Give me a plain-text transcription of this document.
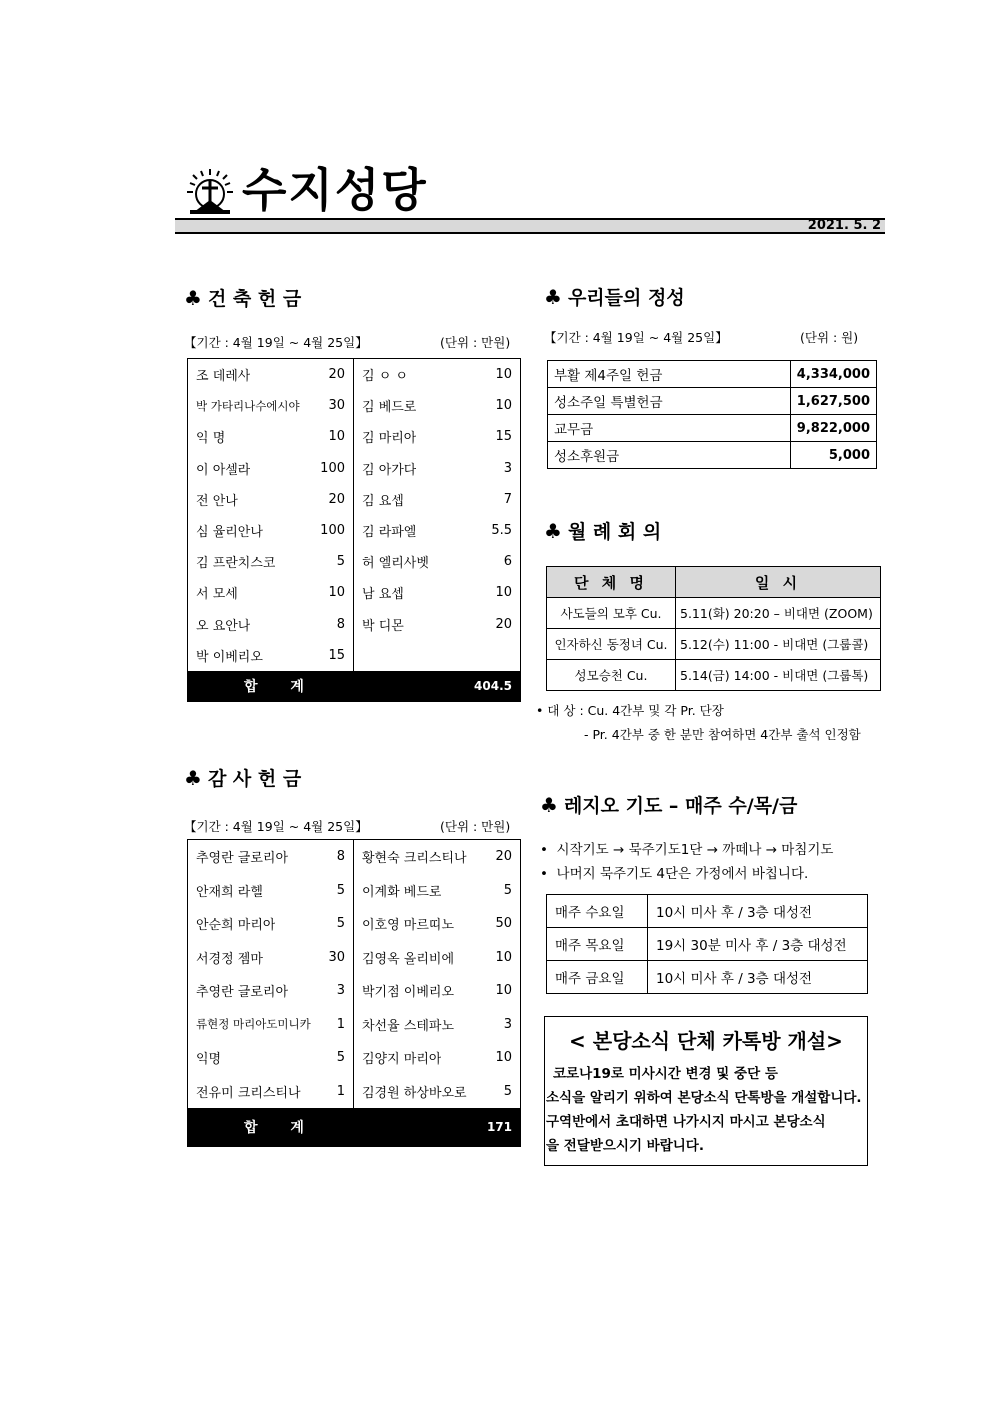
수지성당
2021. 5. 2
♣ 건 축 헌 금
【기간 : 4월 19일 ~ 4월 25일】	(단위 : 만원)
조 데레사	20
박 가타리나수에시야 30
익 명	10
이 아셀라	100
전 안나	20
심 율리안나	100
김 프란치스코	5
서 모세	10
오 요안나	8
박 이베리오	15
김 ㅇ ㅇ	10
김 베드로	10
김 마리아	15
김 아가다	3
김 요셉	7
김 라파엘	5.5
허 엘리사벳	6
남 요셉	10
박 디몬	20
합 계	404.5
♣ 감 사 헌 금
【기간 : 4월 19일 ~ 4월 25일】	(단위 : 만원)
추영란 글로리아	8
안재희 라헬	5
안순희 마리아	5
서경정 젬마	30
추영란 글로리아	3
류현정 마리아도미니카 1
익명	5
전유미 크리스티나	1
황현숙 크리스티나 20
이계화 베드로	5
이호영 마르띠노	50
김영옥 올리비에	10
박기점 이베리오	10
차선율 스테파노	3
김양지 마리아	10
김경원 하상바오로	5
합 계	171
♣ 우리들의 정성
【기간 : 4월 19일 ~ 4월 25일】	(단위 : 원)
부활 제4주일 헌금	4,334,000
성소주일 특별헌금	1,627,500
교무금	9,822,000
성소후원금	5,000
♣ 월 례 회 의
단 체 명	일 시
사도들의 모후 Cu.	5.11(화) 20:20 – 비대면 (ZOOM)
인자하신 동정녀 Cu.	5.12(수) 11:00 - 비대면 (그룹콜)
성모승천 Cu.	5.14(금) 14:00 - 비대면 (그룹톡)
• 대 상 : Cu. 4간부 및 각 Pr. 단장
- Pr. 4간부 중 한 분만 참여하면 4간부 출석 인정함
♣ 레지오 기도 – 매주 수/목/금
•  시작기도 → 묵주기도1단 → 까떼나 → 마침기도
•  나머지 묵주기도 4단은 가정에서 바칩니다.
매주 수요일	10시 미사 후 / 3층 대성전
매주 목요일	19시 30분 미사 후 / 3층 대성전
매주 금요일	10시 미사 후 / 3층 대성전
< 본당소식 단체 카톡방 개설>
코로나19로 미사시간 변경 및 중단 등
소식을 알리기 위하여 본당소식 단톡방을 개설합니다.
구역반에서 초대하면 나가시지 마시고 본당소식
을 전달받으시기 바랍니다.
